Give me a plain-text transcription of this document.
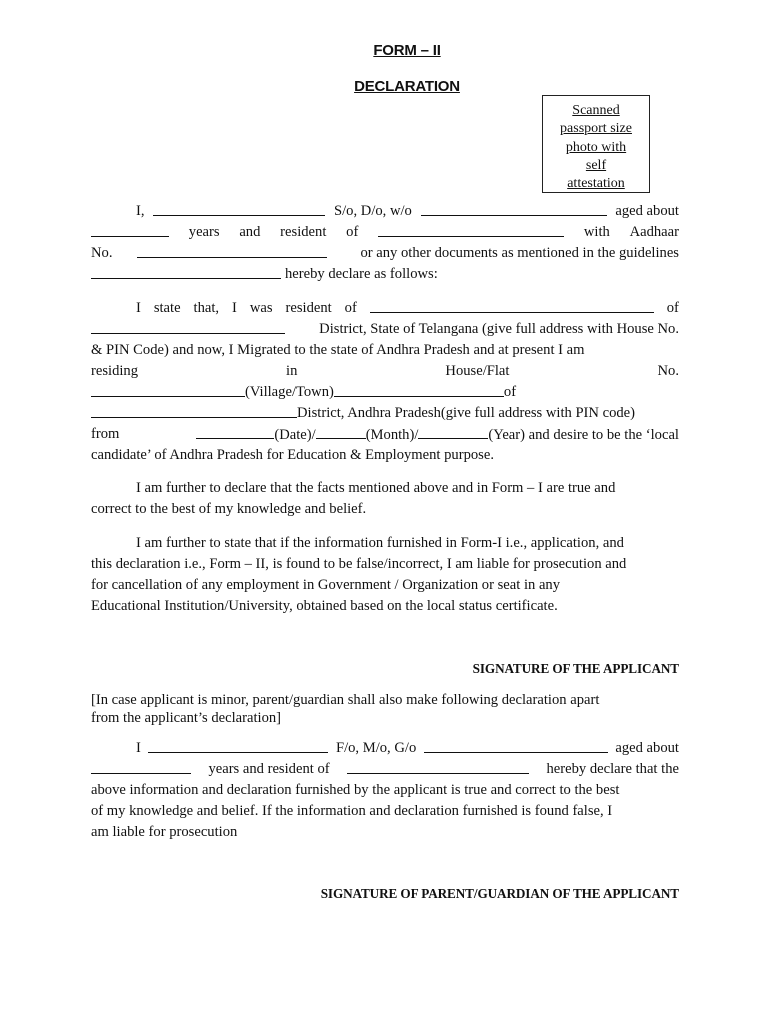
FORM – II
DECLARATION
Scanned
passport size
photo with
self
attestation
I,	S/o, D/o, w/o	aged about
years and resident of	with Aadhaar
No.	or any other documents as mentioned in the guidelines
hereby declare as follows:
I state that, I was resident of	of
District, State of Telangana (give full address with House No.
& PIN Code) and now, I Migrated to the state of Andhra Pradesh and at present I am
residing	in	House/Flat	No.
(Village/Town)	of
District, Andhra Pradesh(give full address with PIN code)
from	(Date)/	(Month)/	(Year) and desire to be the ‘local
candidate’ of Andhra Pradesh for Education & Employment purpose.
I am further to declare that the facts mentioned above and in Form – I are true and
correct to the best of my knowledge and belief.
I am further to state that if the information furnished in Form-I i.e., application, and
this declaration i.e., Form – II, is found to be false/incorrect, I am liable for prosecution and
for cancellation of any employment in Government / Organization or seat in any
Educational Institution/University, obtained based on the local status certificate.
SIGNATURE OF THE APPLICANT
[In case applicant is minor, parent/guardian shall also make following declaration apart
from the applicant’s declaration]
I	F/o, M/o, G/o	aged about
years and resident of	hereby declare that the
above information and declaration furnished by the applicant is true and correct to the best
of my knowledge and belief. If the information and declaration furnished is found false, I
am liable for prosecution
SIGNATURE OF PARENT/GUARDIAN OF THE APPLICANT
